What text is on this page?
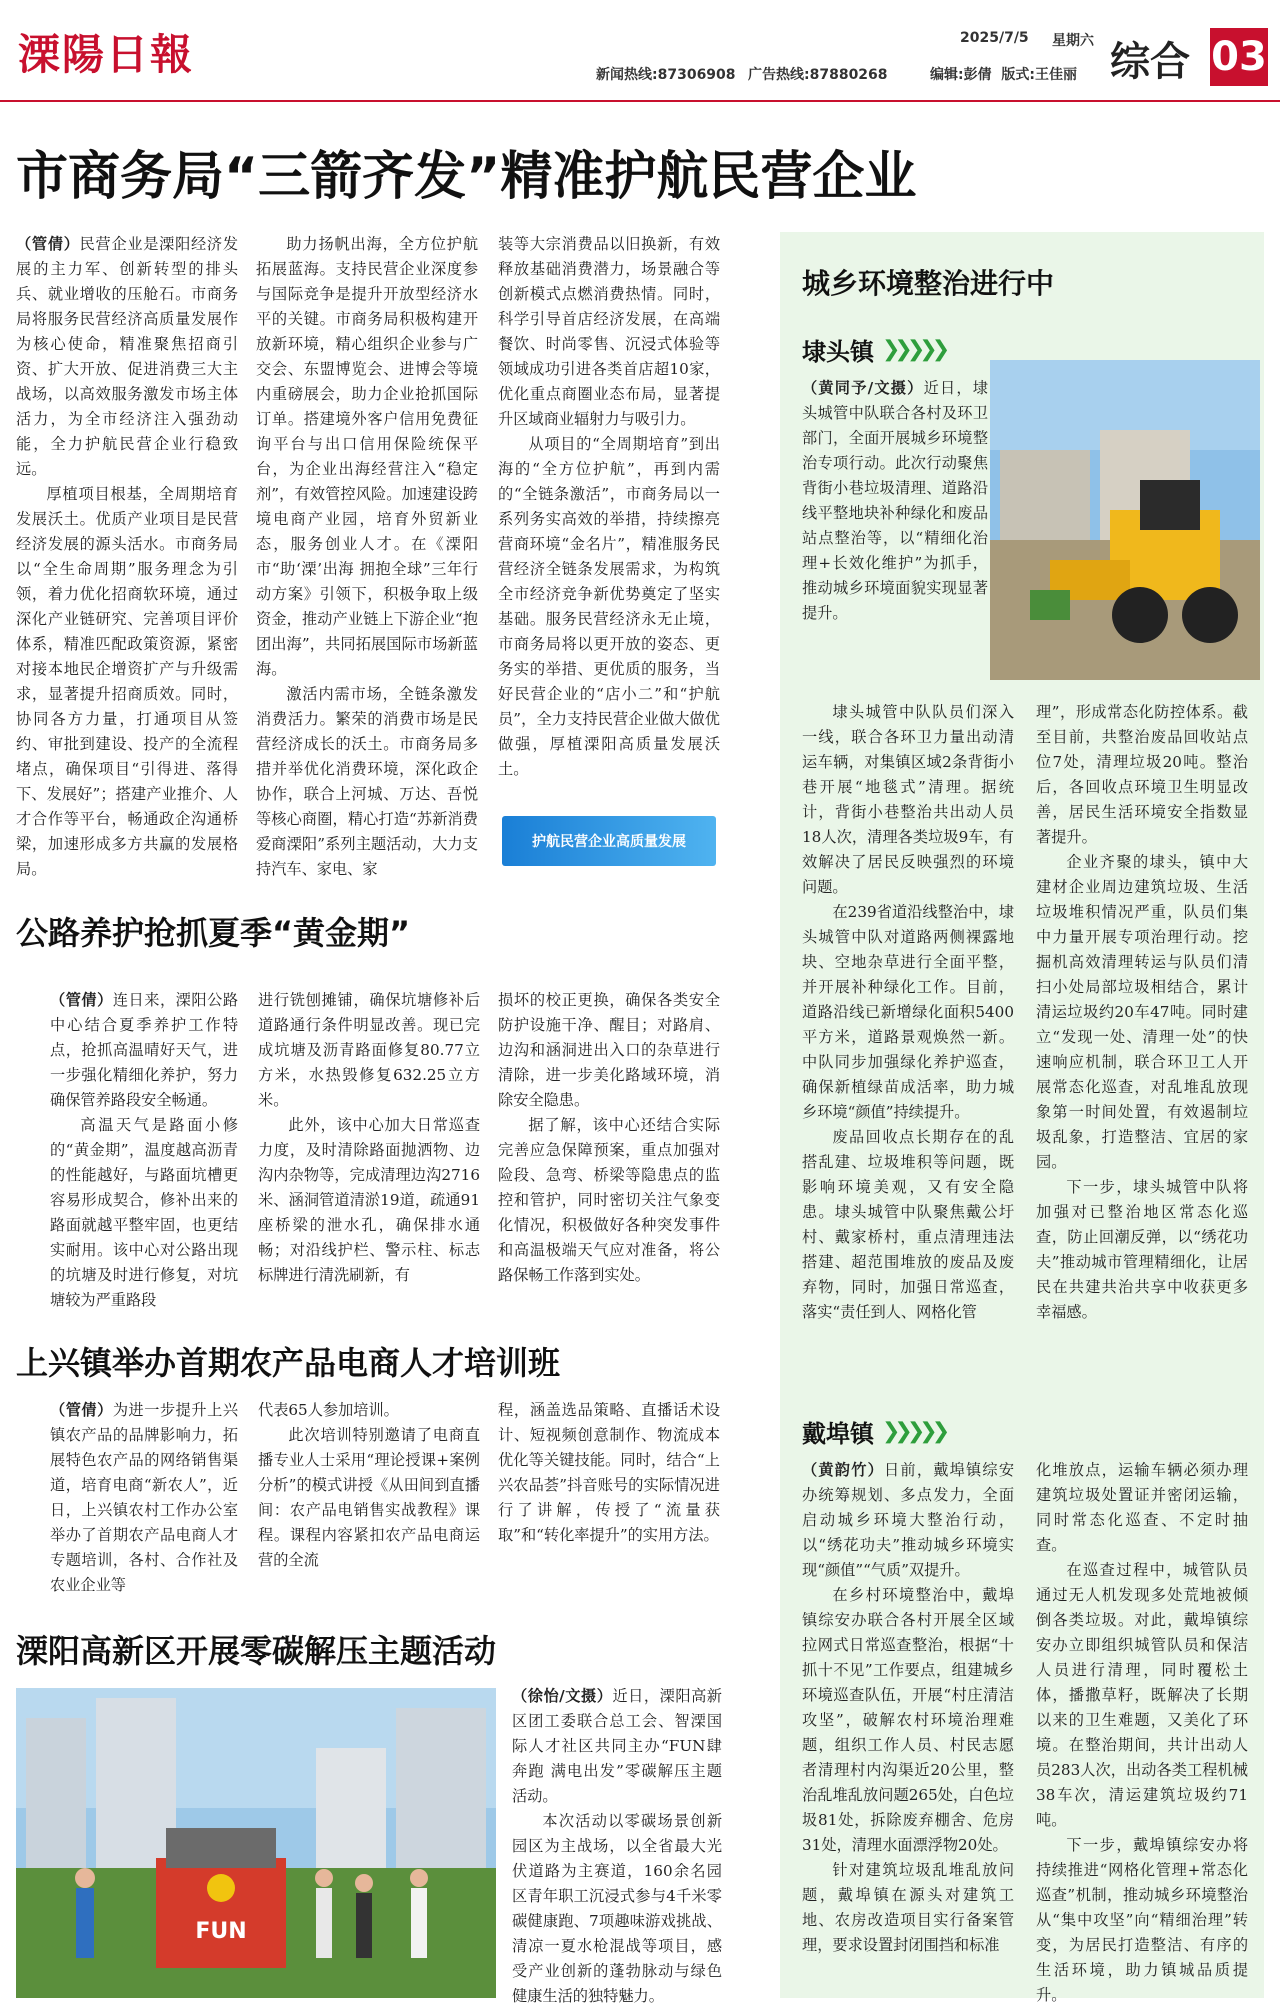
溧陽日報	新闻热线:87306908 广告热线:87880268
2025/7/5 星期六
编辑:彭倩 版式:王佳丽 综合 03
市商务局“三箭齐发”精准护航民营企业

（管倩）民营企业是溧阳经济发展的主力军、创新转型的排头兵、就业增收的压舱石。市商务局将服务民营经济高质量发展作为核心使命，精准聚焦招商引资、扩大开放、促进消费三大主战场，以高效服务激发市场主体活力，为全市经济注入强劲动能，全力护航民营企业行稳致远。

厚植项目根基，全周期培育发展沃土。优质产业项目是民营经济发展的源头活水。市商务局以“全生命周期”服务理念为引领，着力优化招商软环境，通过深化产业链研究、完善项目评价体系，精准匹配政策资源，紧密对接本地民企增资扩产与升级需求，显著提升招商质效。同时，协同各方力量，打通项目从签约、审批到建设、投产的全流程堵点，确保项目“引得进、落得下、发展好”；搭建产业推介、人才合作等平台，畅通政企沟通桥梁，加速形成多方共赢的发展格局。

助力扬帆出海，全方位护航拓展蓝海。支持民营企业深度参与国际竞争是提升开放型经济水平的关键。市商务局积极构建开放新环境，精心组织企业参与广交会、东盟博览会、进博会等境内重磅展会，助力企业抢抓国际订单。搭建境外客户信用免费征询平台与出口信用保险统保平台，为企业出海经营注入“稳定剂”，有效管控风险。加速建设跨境电商产业园，培育外贸新业态，服务创业人才。在《溧阳市“助‘溧’出海 拥抱全球”三年行动方案》引领下，积极争取上级资金，推动产业链上下游企业“抱团出海”，共同拓展国际市场新蓝海。

激活内需市场，全链条激发消费活力。繁荣的消费市场是民营经济成长的沃土。市商务局多措并举优化消费环境，深化政企协作，联合上河城、万达、吾悦等核心商圈，精心打造“苏新消费爱商溧阳”系列主题活动，大力支持汽车、家电、家

装等大宗消费品以旧换新，有效释放基础消费潜力，场景融合等创新模式点燃消费热情。同时，科学引导首店经济发展，在高端餐饮、时尚零售、沉浸式体验等领域成功引进各类首店超10家，优化重点商圈业态布局，显著提升区域商业辐射力与吸引力。

从项目的“全周期培育”到出海的“全方位护航”，再到内需的“全链条激活”，市商务局以一系列务实高效的举措，持续擦亮营商环境“金名片”，精准服务民营经济全链条发展需求，为构筑全市经济竞争新优势奠定了坚实基础。服务民营经济永无止境，市商务局将以更开放的姿态、更务实的举措、更优质的服务，当好民营企业的“店小二”和“护航员”，全力支持民营企业做大做优做强，厚植溧阳高质量发展沃土。

护航民营企业高质量发展
公路养护抢抓夏季“黄金期”

（管倩）连日来，溧阳公路中心结合夏季养护工作特点，抢抓高温晴好天气，进一步强化精细化养护，努力确保管养路段安全畅通。

高温天气是路面小修的“黄金期”，温度越高沥青的性能越好，与路面坑槽更容易形成契合，修补出来的路面就越平整牢固，也更结实耐用。该中心对公路出现的坑塘及时进行修复，对坑塘较为严重路段

进行铣刨摊铺，确保坑塘修补后道路通行条件明显改善。现已完成坑塘及沥青路面修复80.77立方米，水热毁修复632.25立方米。

此外，该中心加大日常巡查力度，及时清除路面抛洒物、边沟内杂物等，完成清理边沟2716米、涵洞管道清淤19道，疏通91座桥梁的泄水孔，确保排水通畅；对沿线护栏、警示柱、标志标牌进行清洗刷新，有

损坏的校正更换，确保各类安全防护设施干净、醒目；对路肩、边沟和涵洞进出入口的杂草进行清除，进一步美化路域环境，消除安全隐患。

据了解，该中心还结合实际完善应急保障预案，重点加强对险段、急弯、桥梁等隐患点的监控和管护，同时密切关注气象变化情况，积极做好各种突发事件和高温极端天气应对准备，将公路保畅工作落到实处。

上兴镇举办首期农产品电商人才培训班

（管倩）为进一步提升上兴镇农产品的品牌影响力，拓展特色农产品的网络销售渠道，培育电商“新农人”，近日，上兴镇农村工作办公室举办了首期农产品电商人才专题培训，各村、合作社及农业企业等

代表65人参加培训。

此次培训特别邀请了电商直播专业人士采用“理论授课+案例分析”的模式讲授《从田间到直播间：农产品电销售实战教程》课程。课程内容紧扣农产品电商运营的全流

程，涵盖选品策略、直播话术设计、短视频创意制作、物流成本优化等关键技能。同时，结合“上兴农品荟”抖音账号的实际情况进行了讲解，传授了“流量获取”和“转化率提升”的实用方法。

溧阳高新区开展零碳解压主题活动
FUN

（徐怡/文摄）近日，溧阳高新区团工委联合总工会、智溧国际人才社区共同主办“FUN肆奔跑 满电出发”零碳解压主题活动。

本次活动以零碳场景创新园区为主战场，以全省最大光伏道路为主赛道，160余名园区青年职工沉浸式参与4千米零碳健康跑、7项趣味游戏挑战、清凉一夏水枪混战等项目，感受产业创新的蓬勃脉动与绿色健康生活的独特魅力。

城乡环境整治进行中
埭头镇 ❯❯❯❯❯

（黄同予/文摄）近日，埭头城管中队联合各村及环卫部门，全面开展城乡环境整治专项行动。此次行动聚焦背街小巷垃圾清理、道路沿线平整地块补种绿化和废品站点整治等，以“精细化治理+长效化维护”为抓手，推动城乡环境面貌实现显著提升。

埭头城管中队队员们深入一线，联合各环卫力量出动清运车辆，对集镇区域2条背街小巷开展“地毯式”清理。据统计，背街小巷整治共出动人员18人次，清理各类垃圾9车，有效解决了居民反映强烈的环境问题。

在239省道沿线整治中，埭头城管中队对道路两侧裸露地块、空地杂草进行全面平整，并开展补种绿化工作。目前，道路沿线已新增绿化面积5400平方米，道路景观焕然一新。中队同步加强绿化养护巡查，确保新植绿苗成活率，助力城乡环境“颜值”持续提升。

废品回收点长期存在的乱搭乱建、垃圾堆积等问题，既影响环境美观，又有安全隐患。埭头城管中队聚焦戴公圩村、戴家桥村，重点清理违法搭建、超范围堆放的废品及废弃物，同时，加强日常巡查，落实“责任到人、网格化管

理”，形成常态化防控体系。截至目前，共整治废品回收站点位7处，清理垃圾20吨。整治后，各回收点环境卫生明显改善，居民生活环境安全指数显著提升。

企业齐聚的埭头，镇中大建材企业周边建筑垃圾、生活垃圾堆积情况严重，队员们集中力量开展专项治理行动。挖掘机高效清理转运与队员们清扫小处局部垃圾相结合，累计清运垃圾约20车47吨。同时建立“发现一处、清理一处”的快速响应机制，联合环卫工人开展常态化巡查，对乱堆乱放现象第一时间处置，有效遏制垃圾乱象，打造整洁、宜居的家园。

下一步，埭头城管中队将加强对已整治地区常态化巡查，防止回潮反弹，以“绣花功夫”推动城市管理精细化，让居民在共建共治共享中收获更多幸福感。

戴埠镇 ❯❯❯❯❯

（黄韵竹）日前，戴埠镇综安办统筹规划、多点发力，全面启动城乡环境大整治行动，以“绣花功夫”推动城乡环境实现“颜值”“气质”双提升。

在乡村环境整治中，戴埠镇综安办联合各村开展全区域拉网式日常巡查整治，根据“十抓十不见”工作要点，组建城乡环境巡查队伍，开展“村庄清洁攻坚”，破解农村环境治理难题，组织工作人员、村民志愿者清理村内沟渠近20公里，整治乱堆乱放问题265处，白色垃圾81处，拆除废弃棚舍、危房31处，清理水面漂浮物20处。

针对建筑垃圾乱堆乱放问题，戴埠镇在源头对建筑工地、农房改造项目实行备案管理，要求设置封闭围挡和标准

化堆放点，运输车辆必须办理建筑垃圾处置证并密闭运输，同时常态化巡查、不定时抽查。

在巡查过程中，城管队员通过无人机发现多处荒地被倾倒各类垃圾。对此，戴埠镇综安办立即组织城管队员和保洁人员进行清理，同时覆松土体，播撒草籽，既解决了长期以来的卫生难题，又美化了环境。在整治期间，共计出动人员283人次，出动各类工程机械38车次，清运建筑垃圾约71吨。

下一步，戴埠镇综安办将持续推进“网格化管理+常态化巡查”机制，推动城乡环境整治从“集中攻坚”向“精细治理”转变，为居民打造整洁、有序的生活环境，助力镇城品质提升。
